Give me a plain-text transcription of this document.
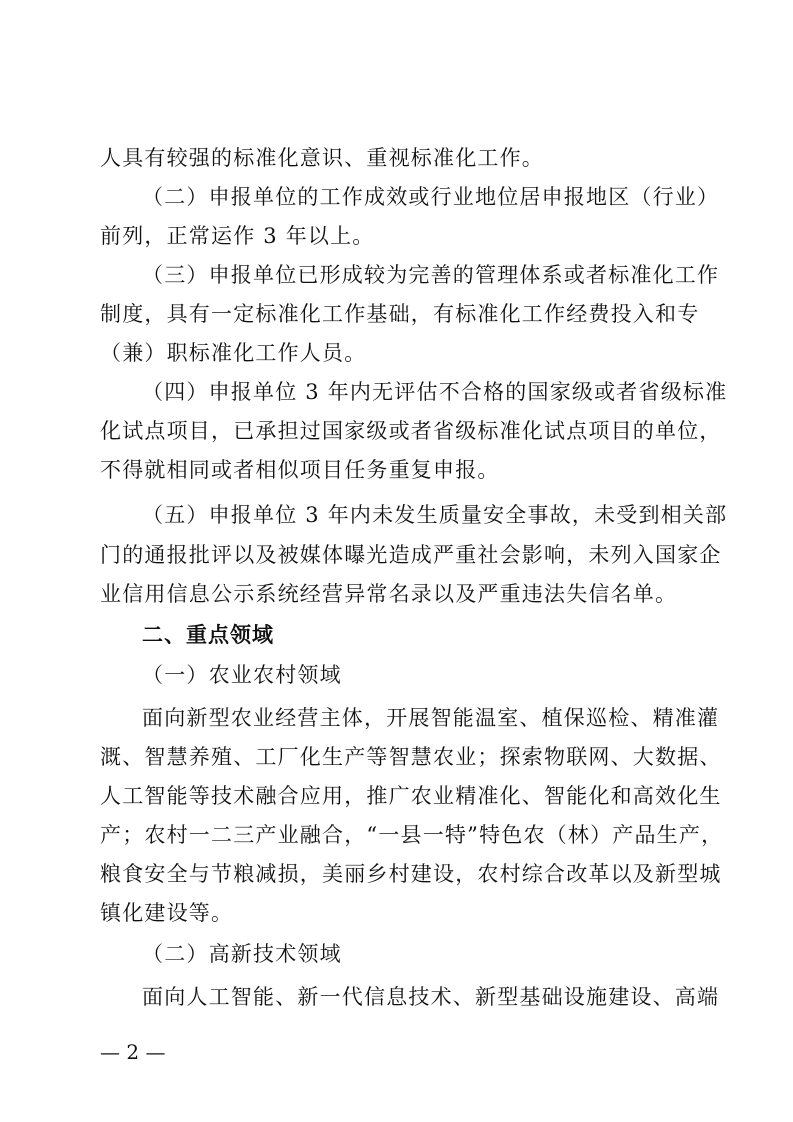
人具有较强的标准化意识、重视标准化工作。
（二）申报单位的工作成效或行业地位居申报地区（行业）
前列，正常运作 3 年以上。
（三）申报单位已形成较为完善的管理体系或者标准化工作
制度，具有一定标准化工作基础，有标准化工作经费投入和专
（兼）职标准化工作人员。
（四）申报单位 3 年内无评估不合格的国家级或者省级标准
化试点项目，已承担过国家级或者省级标准化试点项目的单位，
不得就相同或者相似项目任务重复申报。
（五）申报单位 3 年内未发生质量安全事故，未受到相关部
门的通报批评以及被媒体曝光造成严重社会影响，未列入国家企
业信用信息公示系统经营异常名录以及严重违法失信名单。
二、重点领域
（一）农业农村领域
面向新型农业经营主体，开展智能温室、植保巡检、精准灌
溉、智慧养殖、工厂化生产等智慧农业；探索物联网、大数据、
人工智能等技术融合应用，推广农业精准化、智能化和高效化生
产；农村一二三产业融合，“一县一特”特色农（林）产品生产，
粮食安全与节粮减损，美丽乡村建设，农村综合改革以及新型城
镇化建设等。
（二）高新技术领域
面向人工智能、新一代信息技术、新型基础设施建设、高端
— 2 —
